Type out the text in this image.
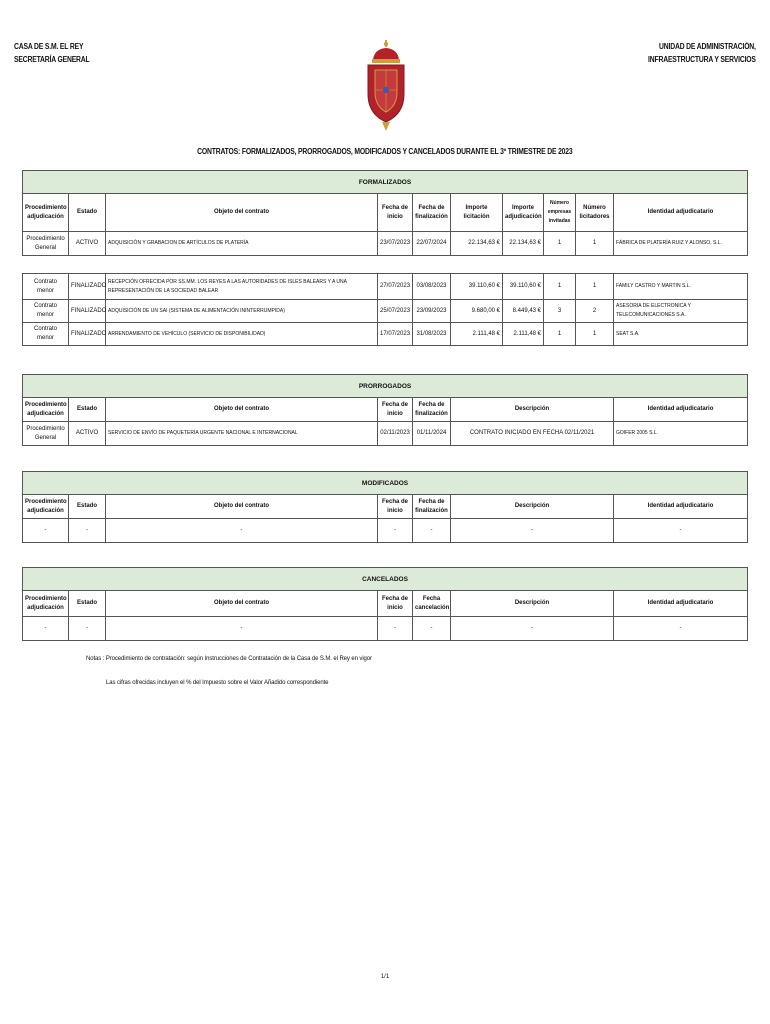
CASA DE S.M. EL REY
SECRETARÍA GENERAL
UNIDAD DE ADMINISTRACIÓN,
INFRAESTRUCTURA Y SERVICIOS
CONTRATOS: FORMALIZADOS, PRORROGADOS, MODIFICADOS Y CANCELADOS DURANTE EL 3º TRIMESTRE DE 2023
FORMALIZADOS									
Procedimiento adjudicación	Estado	Objeto del contrato	Fecha de inicio	Fecha de finalización	Importe licitación	Importe adjudicación	Número empresas invitadas	Número licitadores	Identidad adjudicatario
Procedimiento General	ACTIVO	ADQUISICIÓN Y GRABACION DE ARTÍCULOS DE PLATERÍA	23/07/2023	22/07/2024	22.134,63 €	22.134,63 €	1	1	FÁBRICA DE PLATERÍA RUIZ Y ALONSO, S.L.

Contrato menor	FINALIZADO	RECEPCIÓN OFRECIDA POR SS.MM. LOS REYES A LAS AUTORIDADES DE ISLES BALEARS Y A UNA REPRESENTACIÓN DE LA SOCIEDAD BALEAR	27/07/2023	03/08/2023	39.110,60 €	39.110,60 €	1	1	FAMILY CASTRO Y MARTIN S.L.
Contrato menor	FINALIZADO	ADQUISICIÓN DE UN SAI (SISTEMA DE ALIMENTACIÓN ININTERRUMPIDA)	25/07/2023	23/09/2023	9.680,00 €	8.449,43 €	3	2	ASESORIA DE ELECTRONICA Y TELECOMUNICACIONES S.A.
Contrato menor	FINALIZADO	ARRENDAMIENTO DE VEHÍCULO (SERVICIO DE DISPONIBILIDAD)	17/07/2023	31/08/2023	2.111,48 €	2.111,48 €	1	1	SEAT S.A.
PRORROGADOS						
Procedimiento adjudicación	Estado	Objeto del contrato	Fecha de inicio	Fecha de finalización	Descripción	Identidad adjudicatario
Procedimiento General	ACTIVO	SERVICIO DE ENVÍO DE PAQUETERÍA URGENTE NACIONAL E INTERNACIONAL	02/11/2023	01/11/2024	CONTRATO INICIADO EN FECHA 02/11/2021	GOIFER 2005 S.L.
MODIFICADOS						
Procedimiento adjudicación	Estado	Objeto del contrato	Fecha de inicio	Fecha de finalización	Descripción	Identidad adjudicatario
-	-	-	-	-	-	-
CANCELADOS						
Procedimiento adjudicación	Estado	Objeto del contrato	Fecha de inicio	Fecha cancelación	Descripción	Identidad adjudicatario
-	-	-	-	-	-	-
Notas : Procedimiento de contratación: según Instrucciones de Contratación de la Casa de S.M. el Rey en vigor
Las cifras ofrecidas incluyen el % del Impuesto sobre el Valor Añadido correspondiente
1/1
